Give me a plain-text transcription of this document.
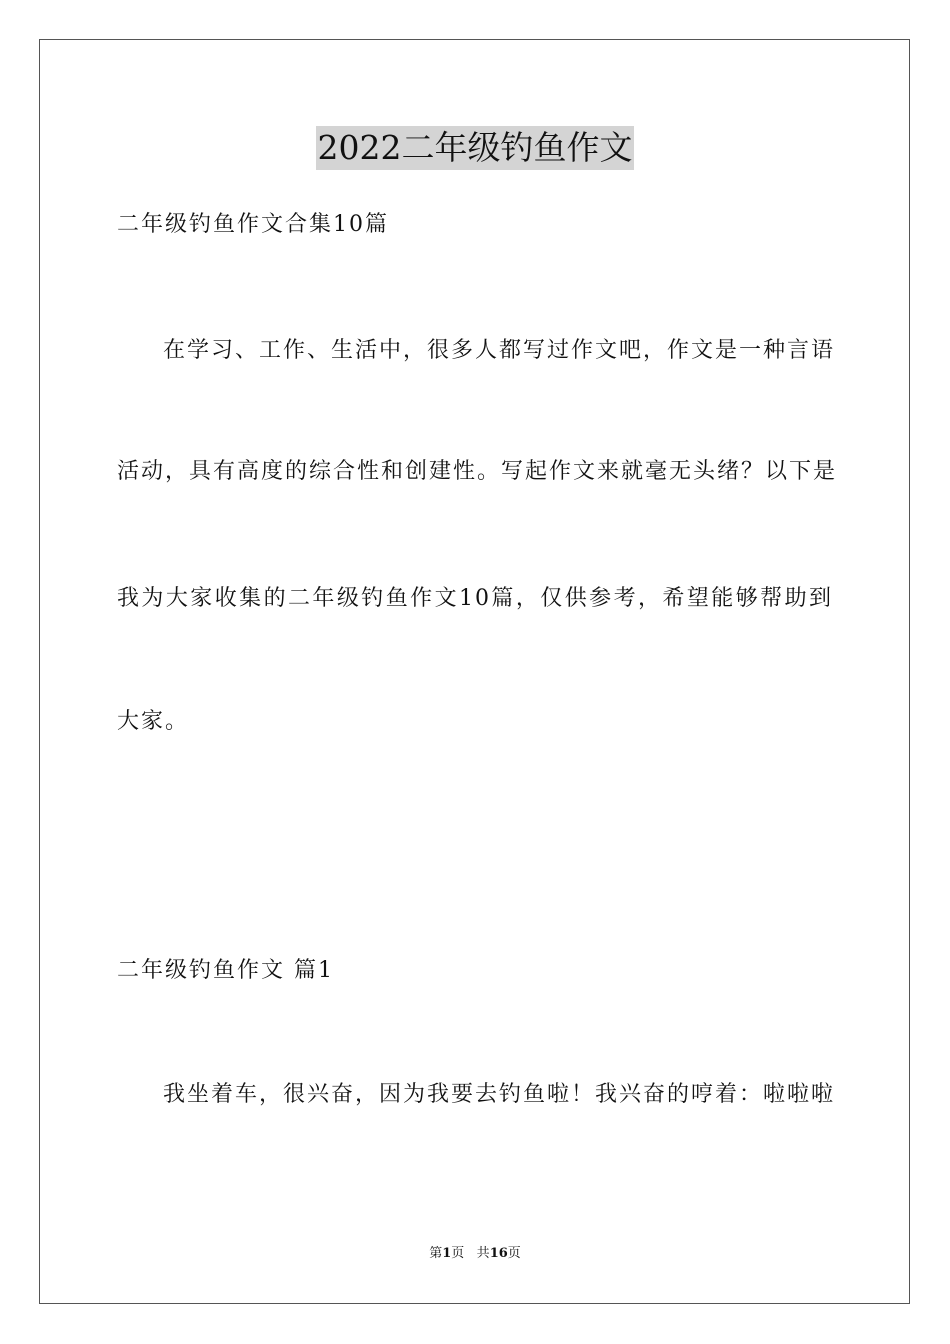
2022二年级钓鱼作文
二年级钓鱼作文合集10篇
在学习、工作、生活中，很多人都写过作文吧，作文是一种言语
活动，具有高度的综合性和创建性。写起作文来就毫无头绪？以下是
我为大家收集的二年级钓鱼作文10篇，仅供参考，希望能够帮助到
大家。
二年级钓鱼作文 篇1
我坐着车，很兴奋，因为我要去钓鱼啦！我兴奋的哼着：啦啦啦
第1页 共16页
